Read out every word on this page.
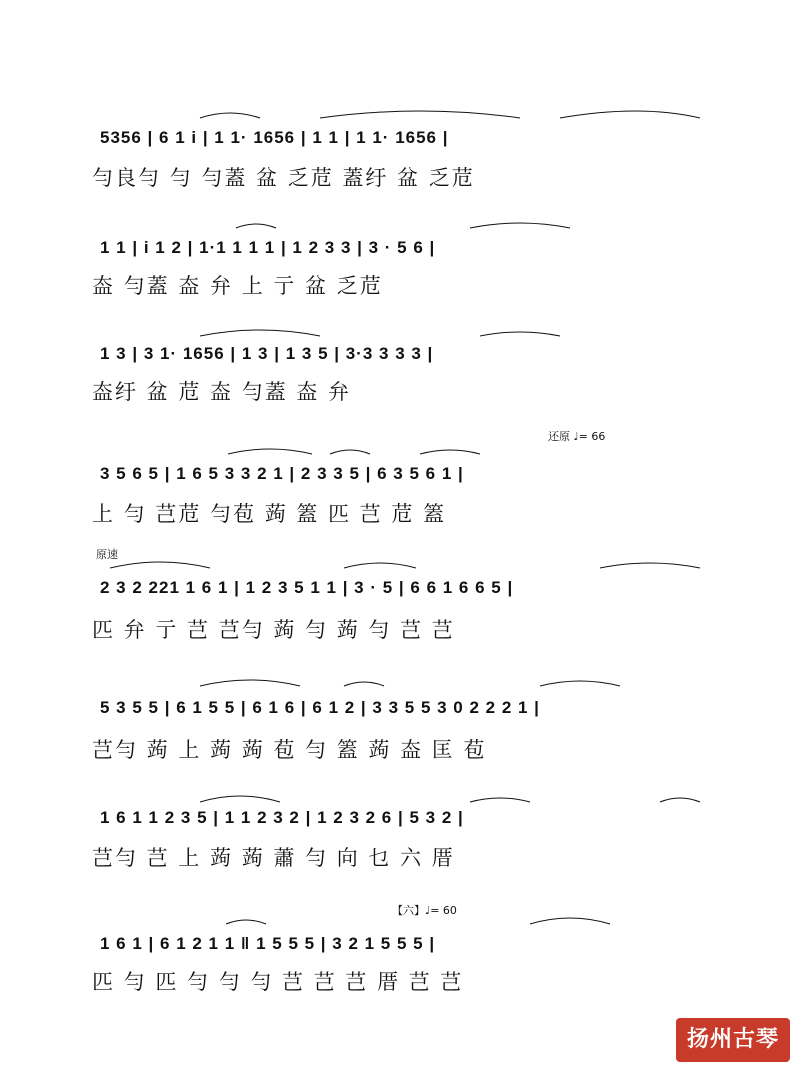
5356 | 6 1 i | 1 1· 1656 | 1 1 | 1 1· 1656 |
勻良勻 勻 勻蓋 盆 乏苊 蓋纡 盆 乏苊
1 1 | i 1 2 | 1·1 1 1 1 | 1 2 3 3 | 3 · 5 6 |
盇 勻蓋 盇 弁 上 亍 盆 乏苊
1 3 | 3 1· 1656 | 1 3 | 1 3 5 | 3·3 3 3 3 |
盇纡 盆 苊 盇 勻蓋 盇 弁
还原 ♩= 66
3 5 6 5 | 1 6 5 3 3 2 1 | 2 3 3 5 | 6 3 5 6 1 |
上 勻 芑苊 勻苞 蒟 篕 匹 芑 苊 篕
原速
2 3 2 221 1 6 1 | 1 2 3 5 1 1 | 3 · 5 | 6 6 1 6 6 5 |
匹 弁 亍 芑 芑勻 蒟 勻 蒟 勻 芑 芑
5 3 5 5 | 6 1 5 5 | 6 1 6 | 6 1 2 | 3 3 5 5 3 0 2 2 2 1 |
芑勻 蒟 上 蒟 蒟 苞 勻 篕 蒟 盇 匡 苞
1 6 1 1 2 3 5 | 1 1 2 3 2 | 1 2 3 2 6 | 5 3 2 |
芑勻 芑 上 蒟 蒟 蕭 勻 向 乜 六 厝
【六】♩= 60
1 6 1 | 6 1 2 1 1 ‖ 1 5 5 5 | 3 2 1 5 5 5 |
匹 勻 匹 勻 勻 勻 芑 芑 芑 厝 芑 芑
扬州古琴
